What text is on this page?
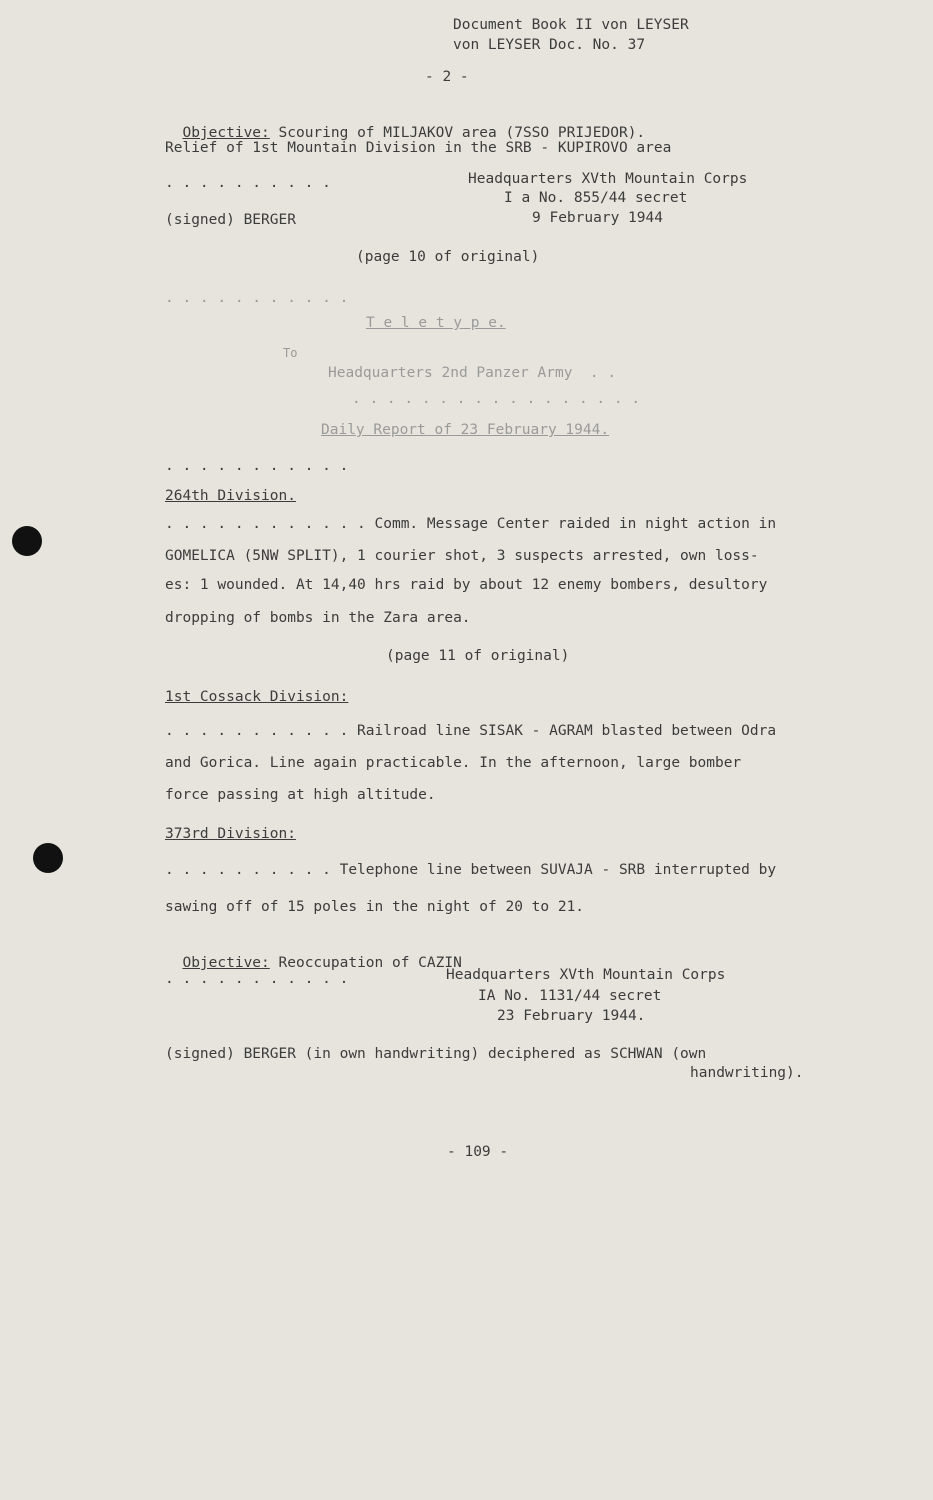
Document Book II von LEYSER
von LEYSER Doc. No. 37
- 2 -

Objective: Scouring of MILJAKOV area (7SSO PRIJEDOR).

Relief of 1st Mountain Division in the SRB - KUPIROVO area
. . . . . . . . . .	Headquarters XVth Mountain Corps
I a No. 855/44 secret
(signed) BERGER	9 February 1944
(page 10 of original)
. . . . . . . . . . .
T e l e t y p e.
To
Headquarters 2nd Panzer Army  . .
. . . . . . . . . . . . . . . . .
Daily Report of 23 February 1944.
. . . . . . . . . . .
264th Division.
. . . . . . . . . . . . Comm. Message Center raided in night action in
GOMELICA (5NW SPLIT), 1 courier shot, 3 suspects arrested, own loss-
es: 1 wounded. At 14,40 hrs raid by about 12 enemy bombers, desultory
dropping of bombs in the Zara area.
(page 11 of original)
1st Cossack Division:
. . . . . . . . . . . Railroad line SISAK - AGRAM blasted between Odra
and Gorica. Line again practicable. In the afternoon, large bomber
force passing at high altitude.
373rd Division:
. . . . . . . . . . Telephone line between SUVAJA - SRB interrupted by
sawing off of 15 poles in the night of 20 to 21.

Objective: Reoccupation of CAZIN

. . . . . . . . . . .	Headquarters XVth Mountain Corps
IA No. 1131/44 secret
23 February 1944.
(signed) BERGER (in own handwriting) deciphered as SCHWAN (own
handwriting).
- 109 -
